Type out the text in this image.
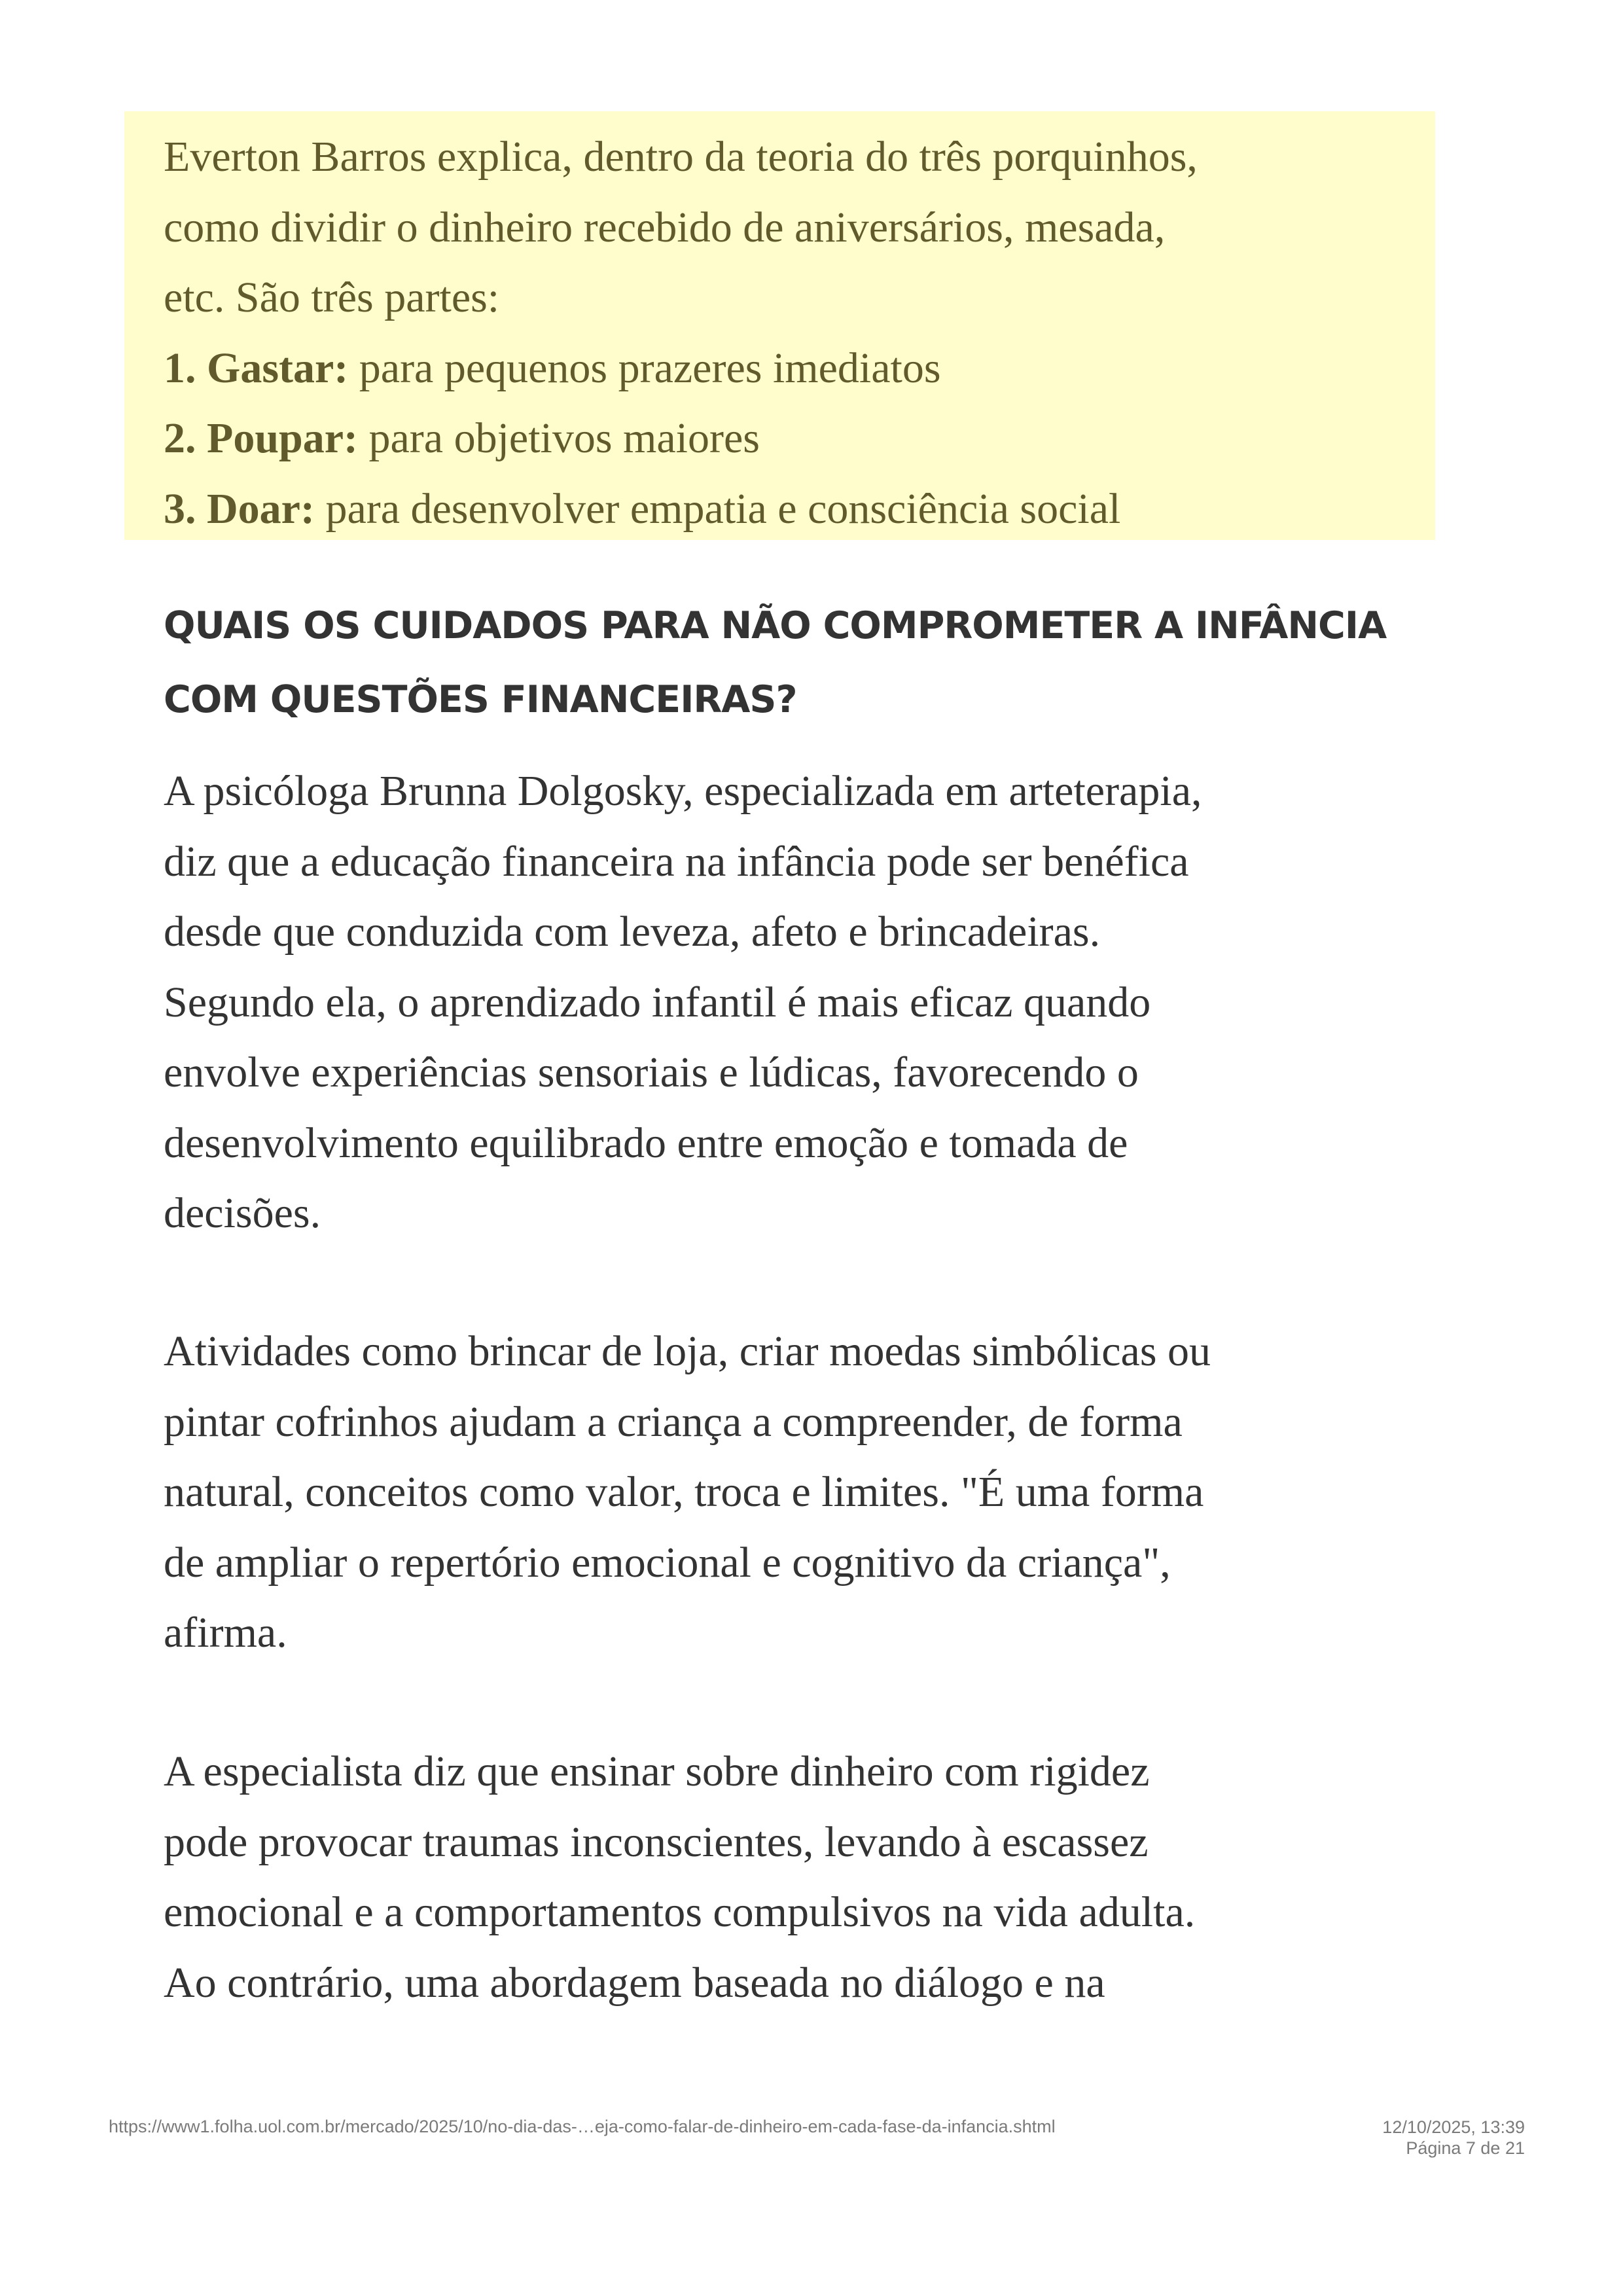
Everton Barros explica, dentro da teoria do três porquinhos,
como dividir o dinheiro recebido de aniversários, mesada,
etc. São três partes:
1. Gastar: para pequenos prazeres imediatos
2. Poupar: para objetivos maiores
3. Doar: para desenvolver empatia e consciência social
QUAIS OS CUIDADOS PARA NÃO COMPROMETER A INFÂNCIA
COM QUESTÕES FINANCEIRAS?
A psicóloga Brunna Dolgosky, especializada em arteterapia,
diz que a educação financeira na infância pode ser benéfica
desde que conduzida com leveza, afeto e brincadeiras.
Segundo ela, o aprendizado infantil é mais eficaz quando
envolve experiências sensoriais e lúdicas, favorecendo o
desenvolvimento equilibrado entre emoção e tomada de
decisões.
Atividades como brincar de loja, criar moedas simbólicas ou
pintar cofrinhos ajudam a criança a compreender, de forma
natural, conceitos como valor, troca e limites. "É uma forma
de ampliar o repertório emocional e cognitivo da criança",
afirma.
A especialista diz que ensinar sobre dinheiro com rigidez
pode provocar traumas inconscientes, levando à escassez
emocional e a comportamentos compulsivos na vida adulta.
Ao contrário, uma abordagem baseada no diálogo e na
https://www1.folha.uol.com.br/mercado/2025/10/no-dia-das-…eja-como-falar-de-dinheiro-em-cada-fase-da-infancia.shtml	12/10/2025, 13:39
Página 7 de 21
